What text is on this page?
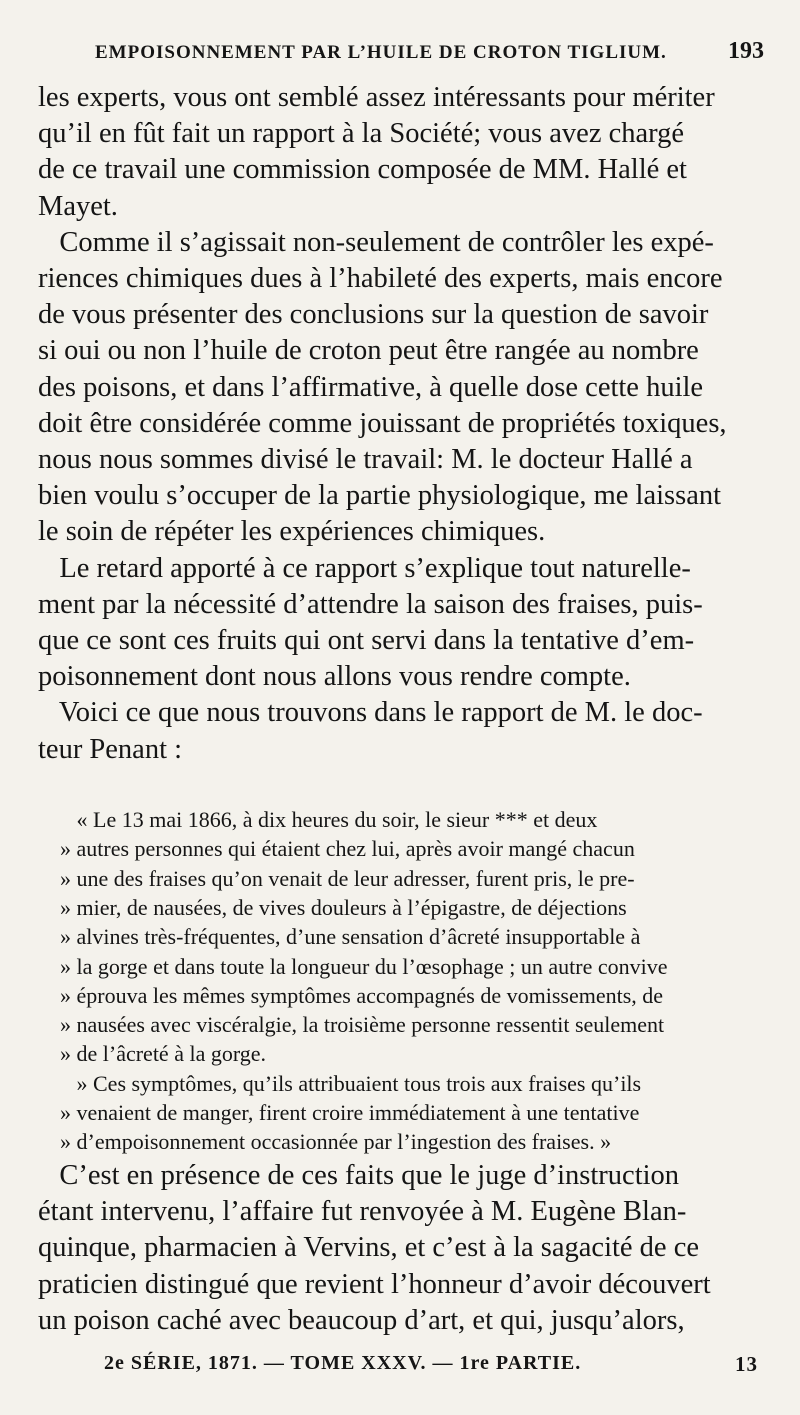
EMPOISONNEMENT PAR L’HUILE DE CROTON TIGLIUM.	193
les experts, vous ont semblé assez intéressants pour mériter
qu’il en fût fait un rapport à la Société; vous avez chargé
de ce travail une commission composée de MM. Hallé et
Mayet.
Comme il s’agissait non-seulement de contrôler les expé-
riences chimiques dues à l’habileté des experts, mais encore
de vous présenter des conclusions sur la question de savoir
si oui ou non l’huile de croton peut être rangée au nombre
des poisons, et dans l’affirmative, à quelle dose cette huile
doit être considérée comme jouissant de propriétés toxiques,
nous nous sommes divisé le travail: M. le docteur Hallé a
bien voulu s’occuper de la partie physiologique, me laissant
le soin de répéter les expériences chimiques.
Le retard apporté à ce rapport s’explique tout naturelle-
ment par la nécessité d’attendre la saison des fraises, puis-
que ce sont ces fruits qui ont servi dans la tentative d’em-
poisonnement dont nous allons vous rendre compte.
Voici ce que nous trouvons dans le rapport de M. le doc-
teur Penant :
« Le 13 mai 1866, à dix heures du soir, le sieur *** et deux
» autres personnes qui étaient chez lui, après avoir mangé chacun
» une des fraises qu’on venait de leur adresser, furent pris, le pre-
» mier, de nausées, de vives douleurs à l’épigastre, de déjections
» alvines très-fréquentes, d’une sensation d’âcreté insupportable à
» la gorge et dans toute la longueur du l’œsophage ; un autre convive
» éprouva les mêmes symptômes accompagnés de vomissements, de
» nausées avec viscéralgie, la troisième personne ressentit seulement
» de l’âcreté à la gorge.
» Ces symptômes, qu’ils attribuaient tous trois aux fraises qu’ils
» venaient de manger, firent croire immédiatement à une tentative
» d’empoisonnement occasionnée par l’ingestion des fraises. »
C’est en présence de ces faits que le juge d’instruction
étant intervenu, l’affaire fut renvoyée à M. Eugène Blan-
quinque, pharmacien à Vervins, et c’est à la sagacité de ce
praticien distingué que revient l’honneur d’avoir découvert
un poison caché avec beaucoup d’art, et qui, jusqu’alors,
2e SÉRIE, 1871. — TOME XXXV. — 1re PARTIE.	13
